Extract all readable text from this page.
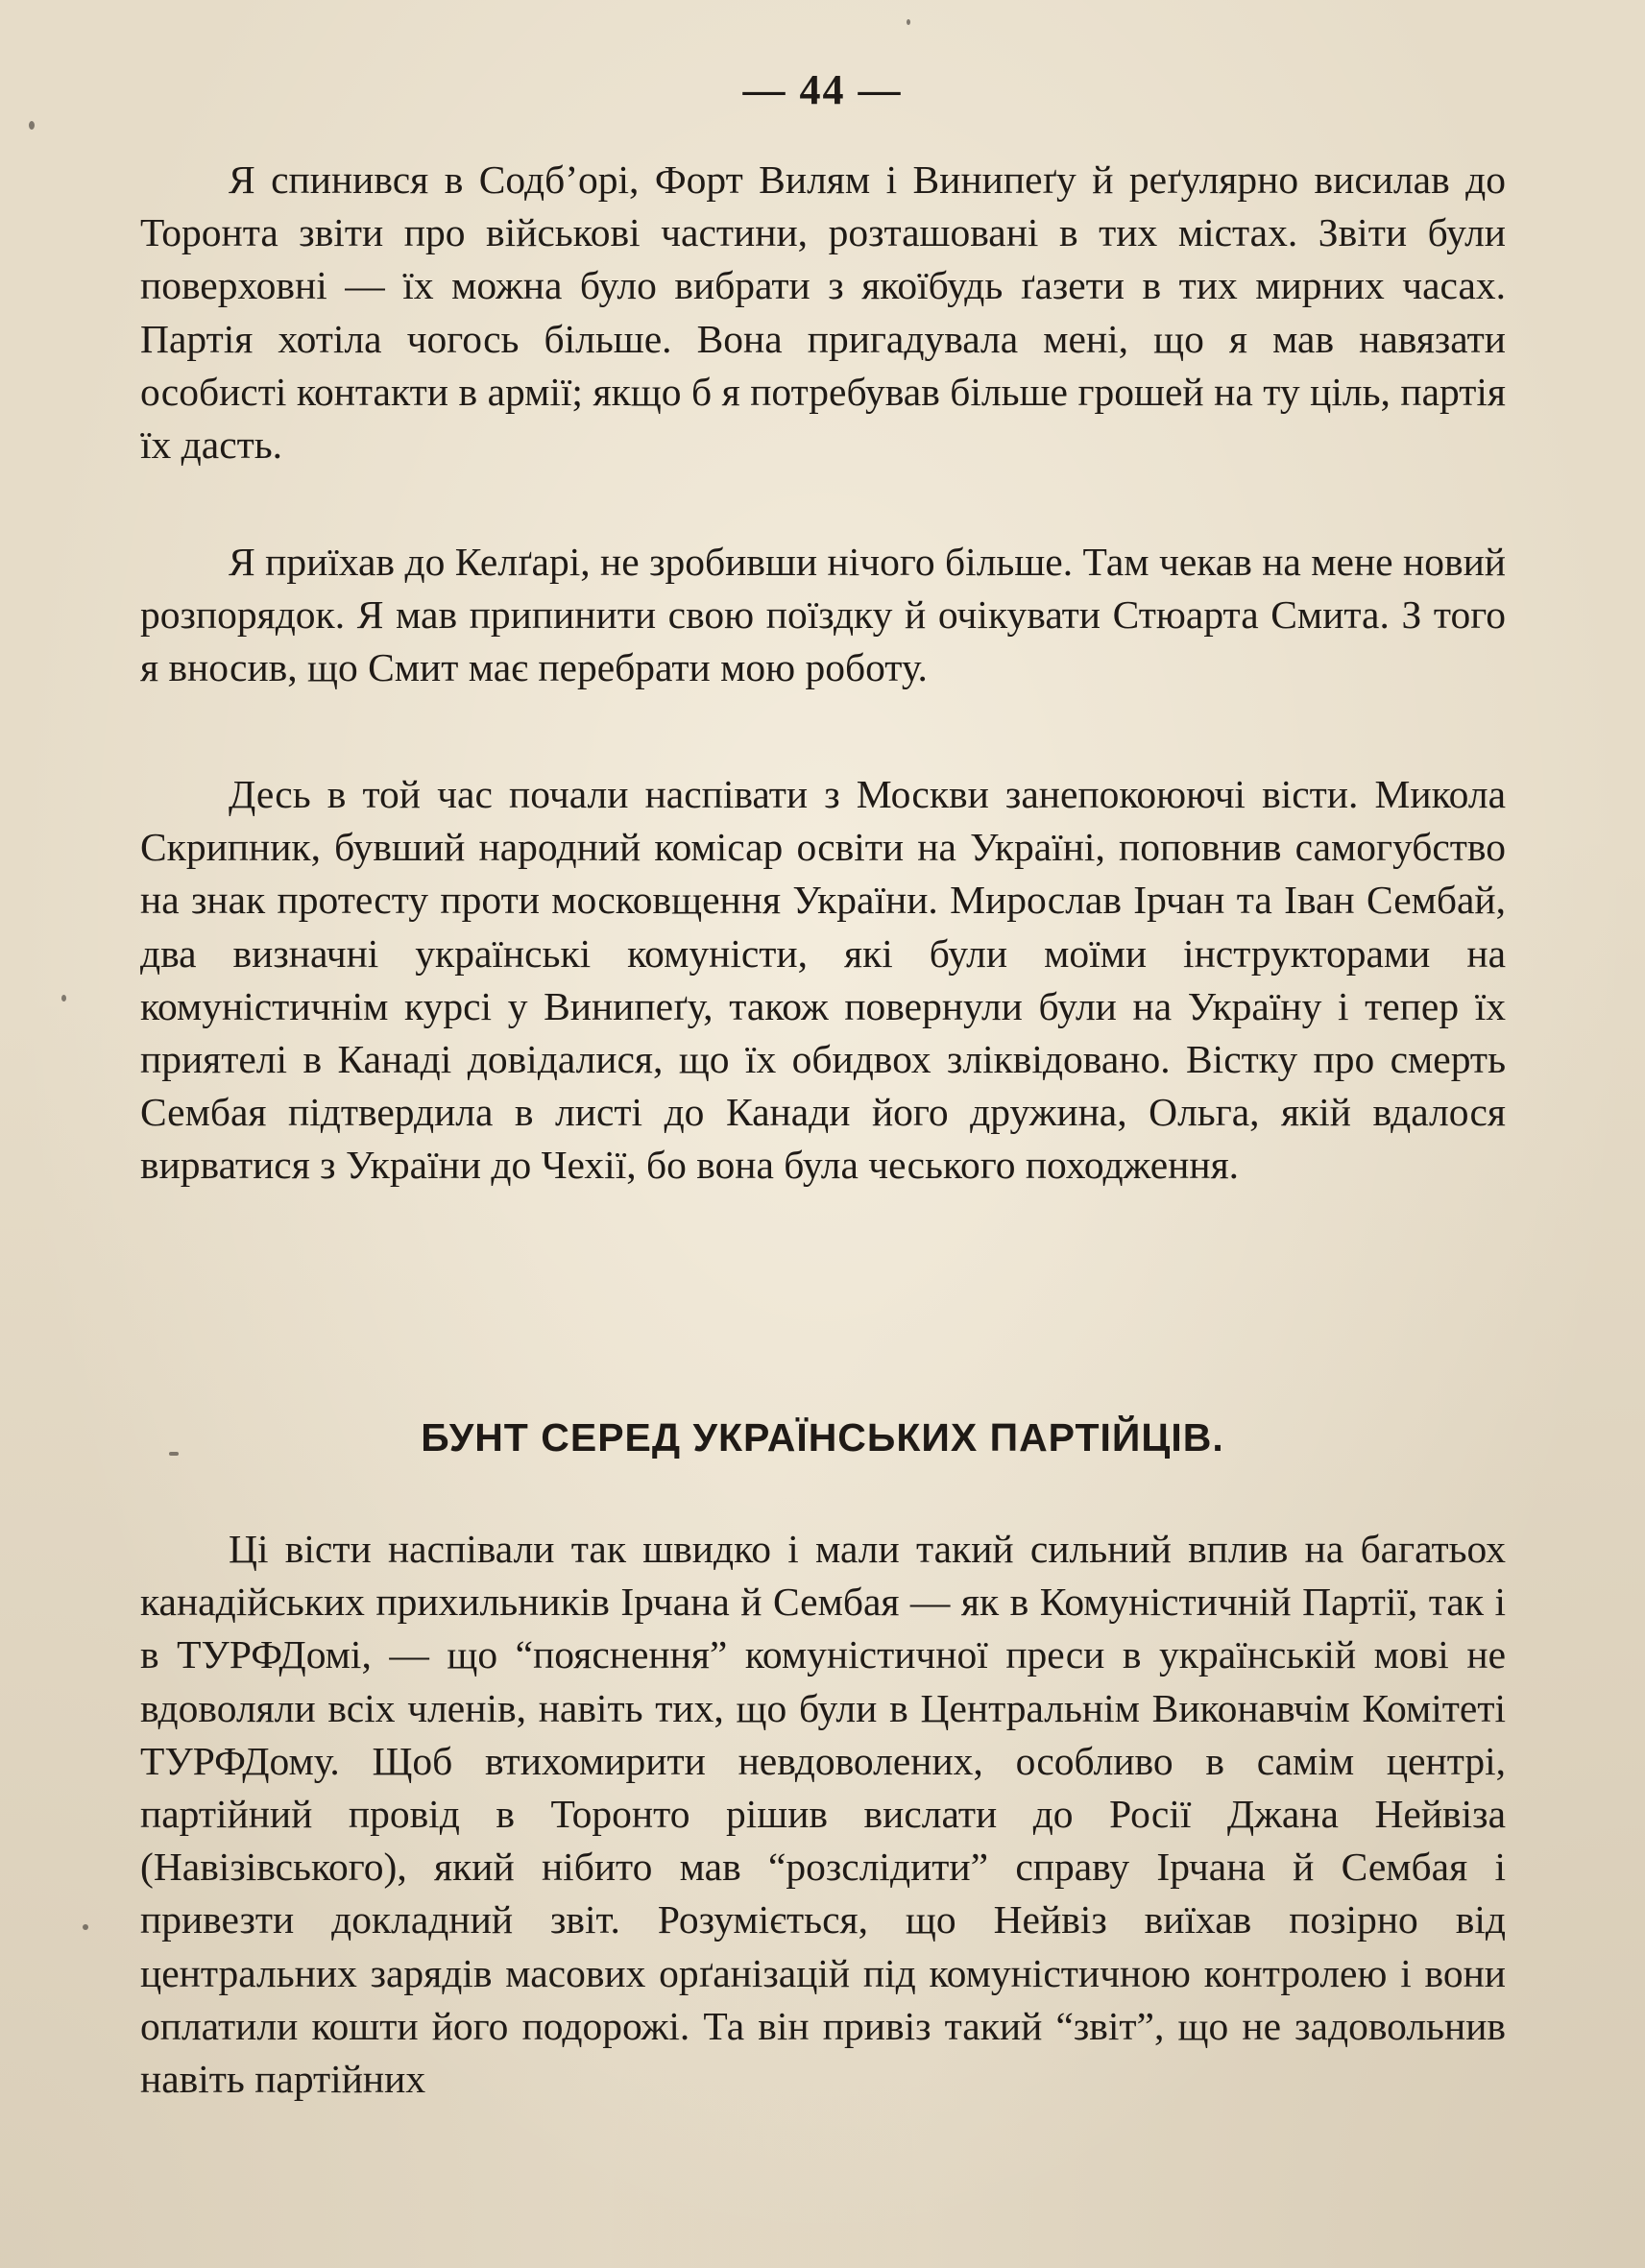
— 44 —

Я спинився в Содбʼорі, Форт Вилям і Винипеґу й реґулярно висилав до Торонта звіти про військові частини, розташовані в тих містах. Звіти були поверховні — їх можна було вибрати з якоїбудь ґазети в тих мирних часах. Партія хотіла чогось більше. Вона пригадувала мені, що я мав навязати особисті контакти в армії; якщо б я потребував більше грошей на ту ціль, партія їх дасть.

Я приїхав до Келґарі, не зробивши нічого більше. Там чекав на мене новий розпорядок. Я мав припинити свою поїздку й очікувати Стюарта Смита. З того я вносив, що Смит має перебрати мою роботу.

Десь в той час почали наспівати з Москви занепокоюючі вісти. Микола Скрипник, бувший народний комісар освіти на Україні, поповнив самогубство на знак протесту проти московщення України. Мирослав Ірчан та Іван Сембай, два визначні українські комуністи, які були моїми інструкторами на комуністичнім курсі у Винипеґу, також повернули були на Україну і тепер їх приятелі в Канаді довідалися, що їх обидвох зліквідовано. Вістку про смерть Сембая підтвердила в листі до Канади його дружина, Ольга, якій вдалося вирватися з України до Чехії, бо вона була чеського походження.

БУНТ СЕРЕД УКРАЇНСЬКИХ ПАРТІЙЦІВ.

Ці вісти наспівали так швидко і мали такий сильний вплив на багатьох канадійських прихильників Ірчана й Сембая — як в Комуністичній Партії, так і в ТУРФДомі, — що “пояснення” комуністичної преси в українській мові не вдоволяли всіх членів, навіть тих, що були в Центральнім Виконавчім Комітеті ТУРФДому. Щоб втихомирити невдоволених, особливо в самім центрі, партійний провід в Торонто рішив вислати до Росії Джана Нейвіза (Навізівського), який нібито мав “розслідити” справу Ірчана й Сембая і привезти докладний звіт. Розуміється, що Нейвіз виїхав позірно від центральних зарядів масових орґанізацій під комуністичною контролею і вони оплатили кошти його подорожі. Та він привіз такий “звіт”, що не задовольнив навіть партійних
